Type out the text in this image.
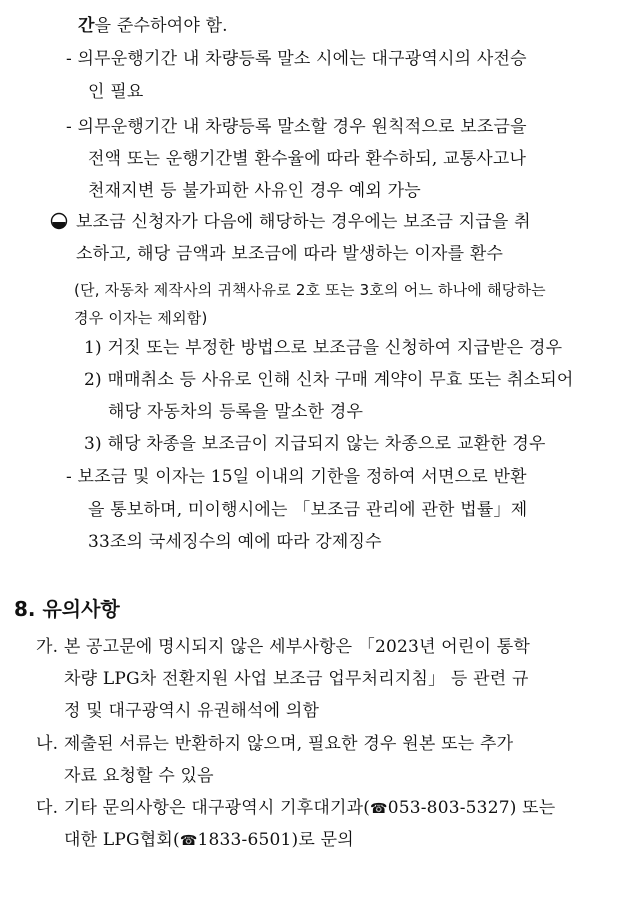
간을 준수하여야 함.
- 의무운행기간 내 차량등록 말소 시에는 대구광역시의 사전승
인 필요
- 의무운행기간 내 차량등록 말소할 경우 원칙적으로 보조금을
전액 또는 운행기간별 환수율에 따라 환수하되, 교통사고나
천재지변 등 불가피한 사유인 경우 예외 가능
보조금 신청자가 다음에 해당하는 경우에는 보조금 지급을 취
소하고, 해당 금액과 보조금에 따라 발생하는 이자를 환수
(단, 자동차 제작사의 귀책사유로 2호 또는 3호의 어느 하나에 해당하는
경우 이자는 제외함)
1) 거짓 또는 부정한 방법으로 보조금을 신청하여 지급받은 경우
2) 매매취소 등 사유로 인해 신차 구매 계약이 무효 또는 취소되어
해당 자동차의 등록을 말소한 경우
3) 해당 차종을 보조금이 지급되지 않는 차종으로 교환한 경우
- 보조금 및 이자는 15일 이내의 기한을 정하여 서면으로 반환
을 통보하며, 미이행시에는 「보조금 관리에 관한 법률」제
33조의 국세징수의 예에 따라 강제징수
8. 유의사항
가. 본 공고문에 명시되지 않은 세부사항은 「2023년 어린이 통학
차량 LPG차 전환지원 사업 보조금 업무처리지침」 등 관련 규
정 및 대구광역시 유권해석에 의함
나. 제출된 서류는 반환하지 않으며, 필요한 경우 원본 또는 추가
자료 요청할 수 있음
다. 기타 문의사항은 대구광역시 기후대기과(☎053-803-5327) 또는
대한 LPG협회(☎1833-6501)로 문의
